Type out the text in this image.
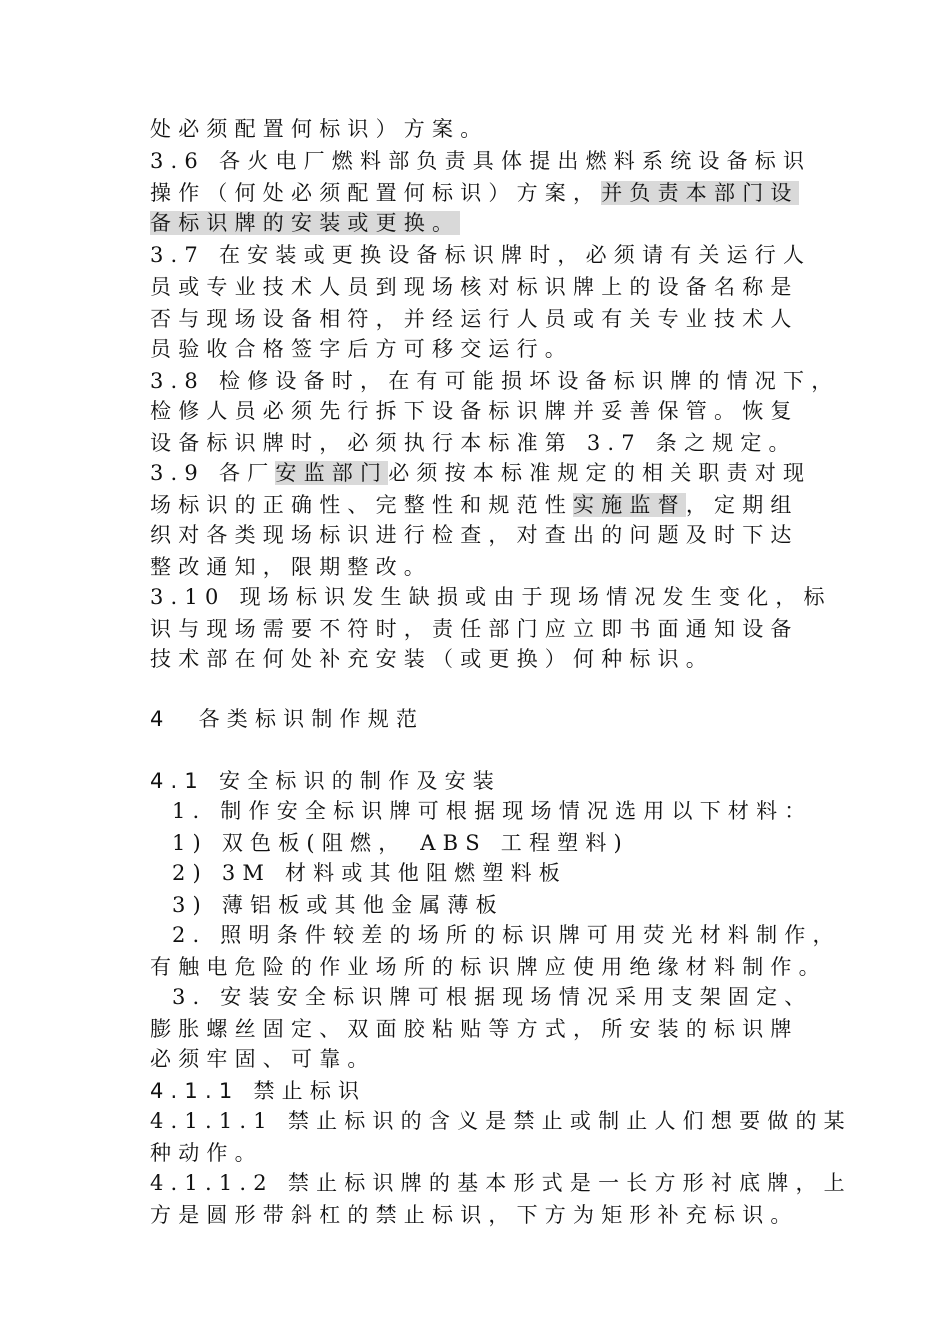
处必须配置何标识）方案。
3.6 各火电厂燃料部负责具体提出燃料系统设备标识
操作（何处必须配置何标识）方案，并负责本部门设
备标识牌的安装或更换。
3.7 在安装或更换设备标识牌时，必须请有关运行人
员或专业技术人员到现场核对标识牌上的设备名称是
否与现场设备相符，并经运行人员或有关专业技术人
员验收合格签字后方可移交运行。
3.8 检修设备时，在有可能损坏设备标识牌的情况下，
检修人员必须先行拆下设备标识牌并妥善保管。恢复
设备标识牌时，必须执行本标准第 3.7 条之规定。
3.9 各厂安监部门必须按本标准规定的相关职责对现
场标识的正确性、完整性和规范性实施监督，定期组
织对各类现场标识进行检查，对查出的问题及时下达
整改通知，限期整改。
3.10 现场标识发生缺损或由于现场情况发生变化，标
识与现场需要不符时，责任部门应立即书面通知设备
技术部在何处补充安装（或更换）何种标识。
4 各类标识制作规范
4.1 安全标识的制作及安装
1. 制作安全标识牌可根据现场情况选用以下材料：
1) 双色板(阻燃， ABS 工程塑料)
2) 3M 材料或其他阻燃塑料板
3) 薄铝板或其他金属薄板
2. 照明条件较差的场所的标识牌可用荧光材料制作，
有触电危险的作业场所的标识牌应使用绝缘材料制作。
3. 安装安全标识牌可根据现场情况采用支架固定、
膨胀螺丝固定、双面胶粘贴等方式，所安装的标识牌
必须牢固、可靠。
4.1.1 禁止标识
4.1.1.1 禁止标识的含义是禁止或制止人们想要做的某
种动作。
4.1.1.2 禁止标识牌的基本形式是一长方形衬底牌，上
方是圆形带斜杠的禁止标识，下方为矩形补充标识。
